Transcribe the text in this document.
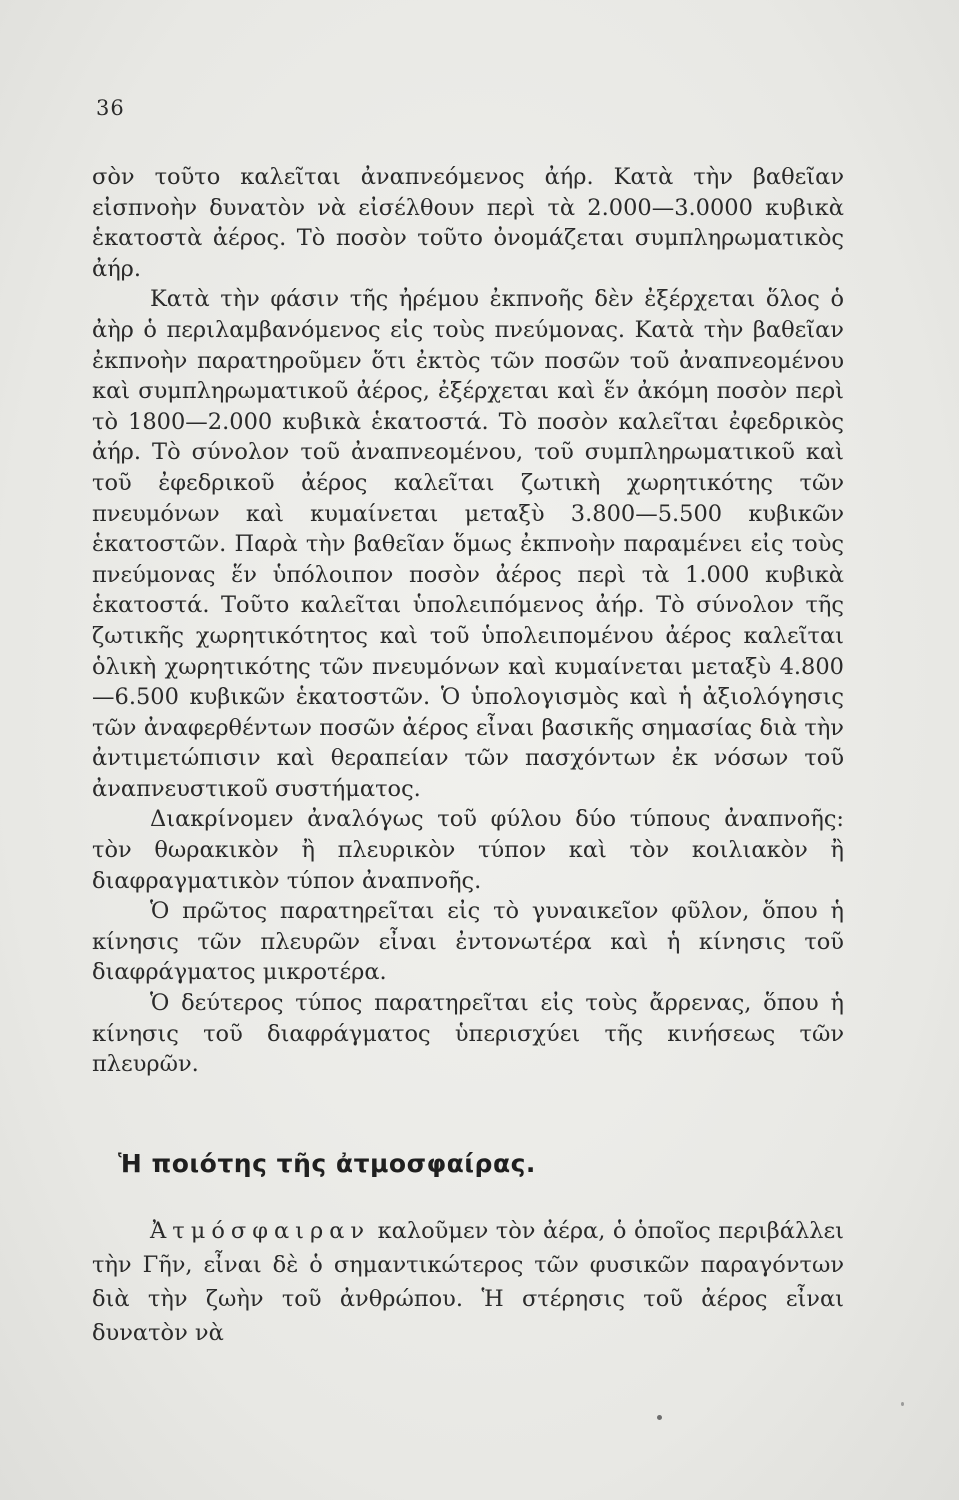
36

σὸν τοῦτο καλεῖται ἀναπνεόμενος ἀήρ. Κατὰ τὴν βαθεῖαν εἰσπνοὴν δυνατὸν νὰ εἰσέλθουν περὶ τὰ 2.000—3.0000 κυβικὰ ἑκατοστὰ ἀέρος. Τὸ ποσὸν τοῦτο ὀνομάζεται συμπληρωματικὸς ἀήρ.

Κατὰ τὴν φάσιν τῆς ἠρέμου ἐκπνοῆς δὲν ἐξέρχεται ὅλος ὁ ἀὴρ ὁ περιλαμβανόμενος εἰς τοὺς πνεύμονας. Κατὰ τὴν βαθεῖαν ἐκπνοὴν παρατηροῦμεν ὅτι ἐκτὸς τῶν ποσῶν τοῦ ἀναπνεομένου καὶ συμπληρωματικοῦ ἀέρος, ἐξέρχεται καὶ ἕν ἀκόμη ποσὸν περὶ τὸ 1800—2.000 κυβικὰ ἑκατοστά. Τὸ ποσὸν καλεῖται ἐφεδρικὸς ἀήρ. Τὸ σύνολον τοῦ ἀναπνεομένου, τοῦ συμπληρωματικοῦ καὶ τοῦ ἐφεδρικοῦ ἀέρος καλεῖται ζωτικὴ χωρητικότης τῶν πνευμόνων καὶ κυμαίνεται μεταξὺ 3.800—5.500 κυβικῶν ἑκατοστῶν. Παρὰ τὴν βαθεῖαν ὅμως ἐκπνοὴν παραμένει εἰς τοὺς πνεύμονας ἕν ὑπόλοιπον ποσὸν ἀέρος περὶ τὰ 1.000 κυβικὰ ἑκατοστά. Τοῦτο καλεῖται ὑπολειπόμενος ἀήρ. Τὸ σύνολον τῆς ζωτικῆς χωρητικότητος καὶ τοῦ ὑπολειπομένου ἀέρος καλεῖται ὁλικὴ χωρητικότης τῶν πνευμόνων καὶ κυμαίνεται μεταξὺ 4.800—6.500 κυβικῶν ἑκατοστῶν. Ὁ ὑπολογισμὸς καὶ ἡ ἀξιολόγησις τῶν ἀναφερθέντων ποσῶν ἀέρος εἶναι βασικῆς σημασίας διὰ τὴν ἀντιμετώπισιν καὶ θεραπείαν τῶν πασχόντων ἐκ νόσων τοῦ ἀναπνευστικοῦ συστήματος.

Διακρίνομεν ἀναλόγως τοῦ φύλου δύο τύπους ἀναπνοῆς: τὸν θωρακικὸν ἢ πλευρικὸν τύπον καὶ τὸν κοιλιακὸν ἢ διαφραγματικὸν τύπον ἀναπνοῆς.

Ὁ πρῶτος παρατηρεῖται εἰς τὸ γυναικεῖον φῦλον, ὅπου ἡ κίνησις τῶν πλευρῶν εἶναι ἐντονωτέρα καὶ ἡ κίνησις τοῦ διαφράγματος μικροτέρα.

Ὁ δεύτερος τύπος παρατηρεῖται εἰς τοὺς ἄρρενας, ὅπου ἡ κίνησις τοῦ διαφράγματος ὑπερισχύει τῆς κινήσεως τῶν πλευρῶν.

Ἡ ποιότης τῆς ἀτμοσφαίρας.

Ἀτμόσφαιραν καλοῦμεν τὸν ἀέρα, ὁ ὁποῖος περιβάλλει τὴν Γῆν, εἶναι δὲ ὁ σημαντικώτερος τῶν φυσικῶν παραγόντων διὰ τὴν ζωὴν τοῦ ἀνθρώπου. Ἡ στέρησις τοῦ ἀέρος εἶναι δυνατὸν νὰ
